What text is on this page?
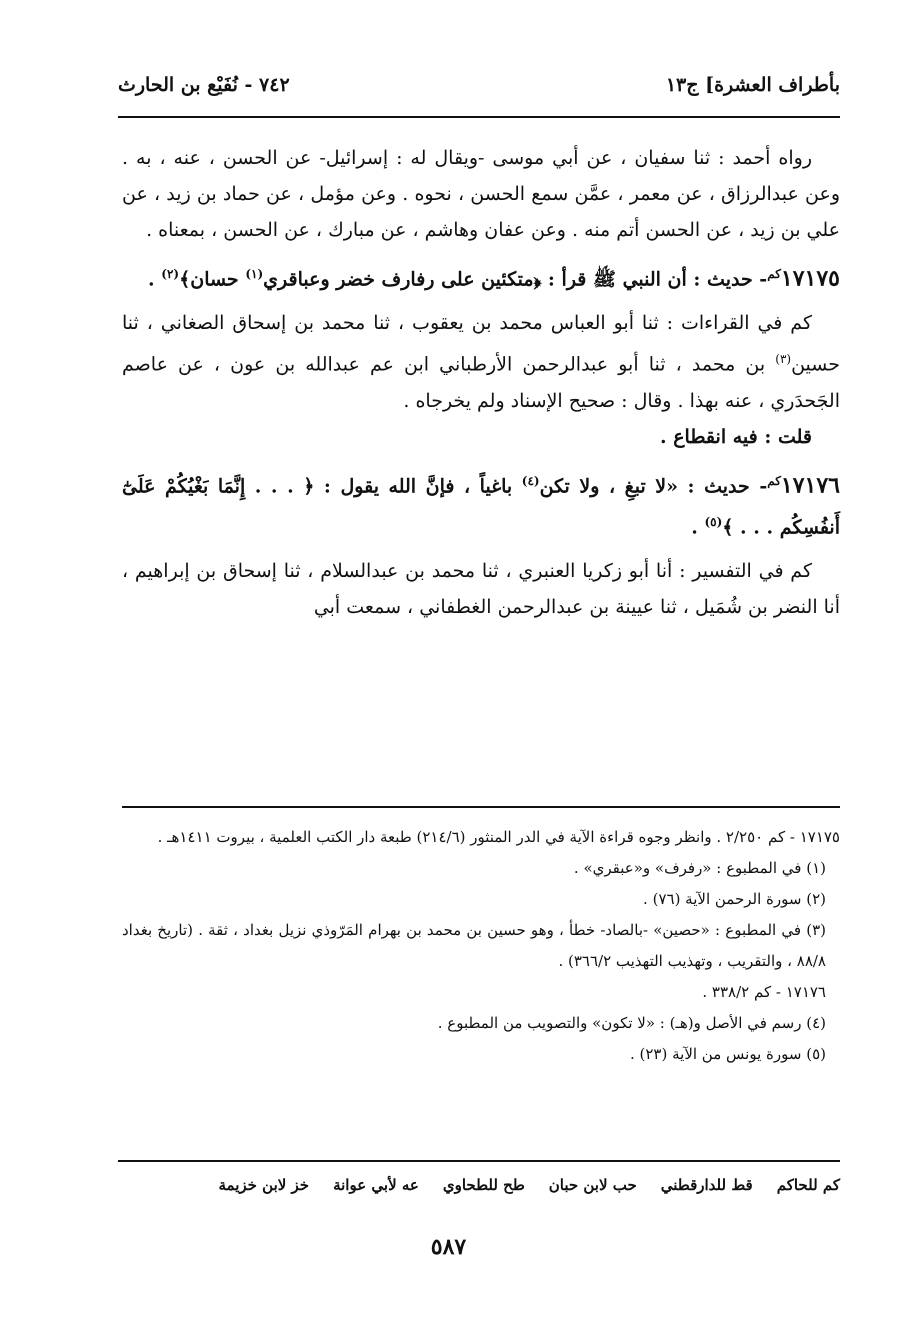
بأطراف العشرة] ج١٣
٧٤٢ - نُفَيْع بن الحارث

رواه أحمد : ثنا سفيان ، عن أبي موسى -ويقال له : إسرائيل- عن الحسن ، عنه ، به . وعن عبدالرزاق ، عن معمر ، عمَّن سمع الحسن ، نحوه . وعن مؤمل ، عن حماد بن زيد ، عن علي بن زيد ، عن الحسن أتم منه . وعن عفان وهاشم ، عن مبارك ، عن الحسن ، بمعناه .

$١٧١٧٥^{كم}-$ حديث : أن النبي ﷺ قرأ : ﴿متكئين على رفارف خضر وعباقري$^{(١)}$ حسان﴾$^{(٢)}$ .

كم في القراءات : ثنا أبو العباس محمد بن يعقوب ، ثنا محمد بن إسحاق الصغاني ، ثنا حسين$^{(٣)}$ بن محمد ، ثنا أبو عبدالرحمن الأرطباني ابن عم عبدالله بن عون ، عن عاصم الجَحدَري ، عنه بهذا . وقال : صحيح الإسناد ولم يخرجاه .

قلت : فيه انقطاع .

$١٧١٧٦^{كم}-$ حديث : «لا تبغِ ، ولا تكن$^{(٤)}$ باغياً ، فإنَّ الله يقول : ﴿ . . . إِنَّمَا بَغْيُكُمْ عَلَىٰٓ أَنفُسِكُم . . . ﴾$^{(٥)}$ .

كم في التفسير : أنا أبو زكريا العنبري ، ثنا محمد بن عبدالسلام ، ثنا إسحاق بن إبراهيم ، أنا النضر بن شُمَيل ، ثنا عيينة بن عبدالرحمن الغطفاني ، سمعت أبي

١٧١٧٥ - كم ٢/٢٥٠ . وانظر وجوه قراءة الآية في الدر المنثور (٢١٤/٦) طبعة دار الكتب العلمية ، بيروت ١٤١١هـ .

(١) في المطبوع : «رفرف» و«عبقري» .

(٢) سورة الرحمن الآية (٧٦) .

(٣) في المطبوع : «حصين» -بالصاد- خطأ ، وهو حسين بن محمد بن بهرام المَرّوذي نزيل بغداد ، ثقة . (تاريخ بغداد ٨٨/٨ ، والتقريب ، وتهذيب التهذيب ٣٦٦/٢) .

١٧١٧٦ - كم ٣٣٨/٢ .

(٤) رسم في الأصل و(هـ) : «لا تكون» والتصويب من المطبوع .

(٥) سورة يونس من الآية (٢٣) .

كم للحاكم
قط للدارقطني
حب لابن حبان
طح للطحاوي
عه لأبي عوانة
خز لابن خزيمة
٥٨٧
